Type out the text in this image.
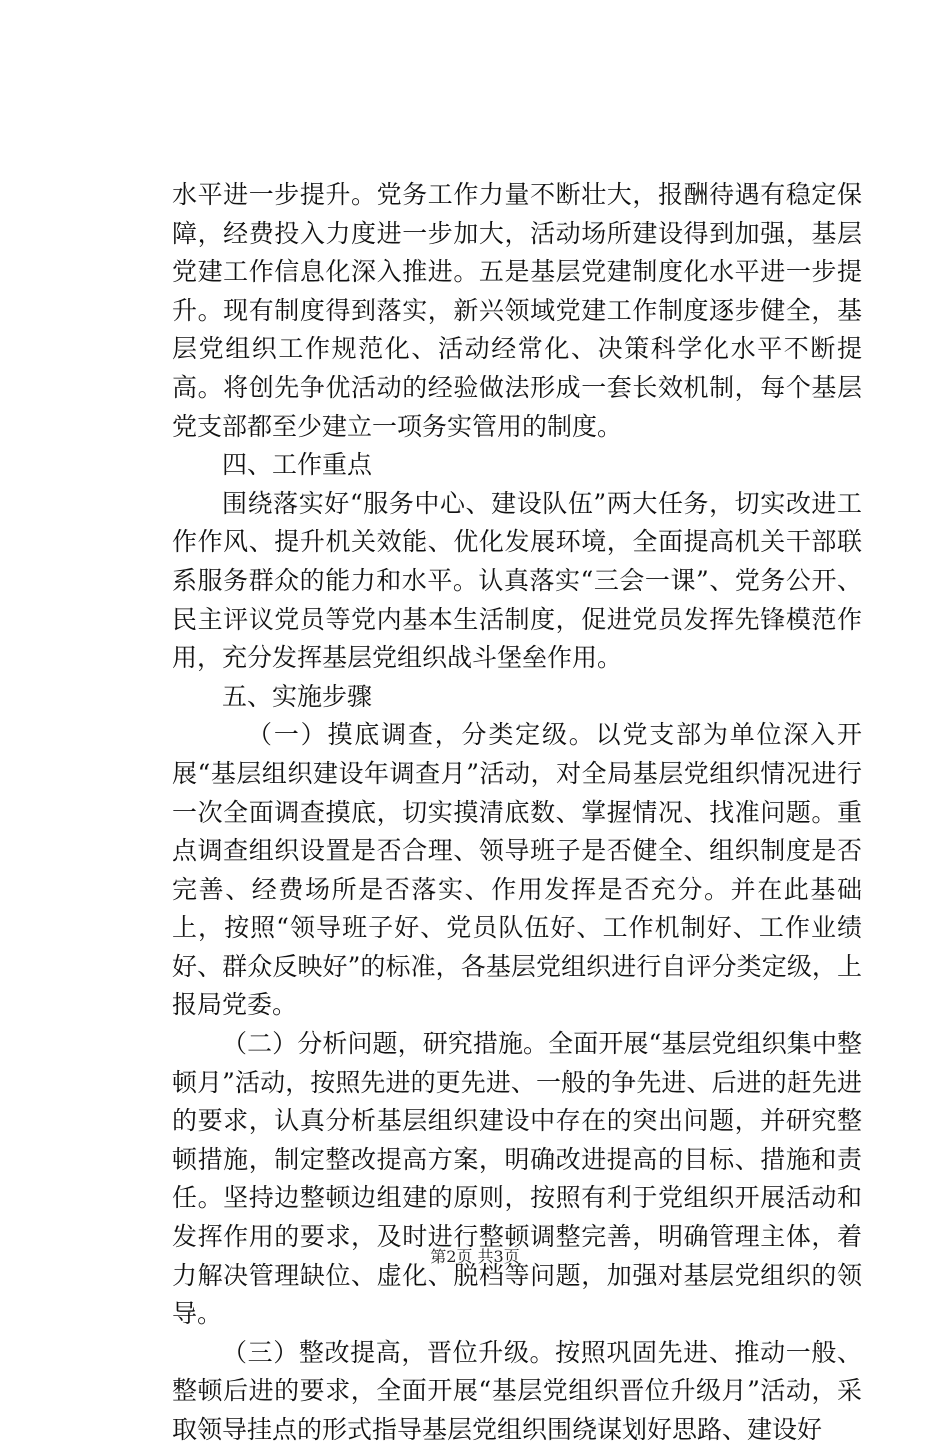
水平进一步提升。党务工作力量不断壮大，报酬待遇有稳定保障，经费投入力度进一步加大，活动场所建设得到加强，基层党建工作信息化深入推进。五是基层党建制度化水平进一步提升。现有制度得到落实，新兴领域党建工作制度逐步健全，基层党组织工作规范化、活动经常化、决策科学化水平不断提高。将创先争优活动的经验做法形成一套长效机制，每个基层党支部都至少建立一项务实管用的制度。

四、工作重点

围绕落实好“服务中心、建设队伍”两大任务，切实改进工作作风、提升机关效能、优化发展环境，全面提高机关干部联系服务群众的能力和水平。认真落实“三会一课”、党务公开、民主评议党员等党内基本生活制度，促进党员发挥先锋模范作用，充分发挥基层党组织战斗堡垒作用。

五、实施步骤

（一）摸底调查，分类定级。以党支部为单位深入开展“基层组织建设年调查月”活动，对全局基层党组织情况进行一次全面调查摸底，切实摸清底数、掌握情况、找准问题。重点调查组织设置是否合理、领导班子是否健全、组织制度是否完善、经费场所是否落实、作用发挥是否充分。并在此基础上，按照“领导班子好、党员队伍好、工作机制好、工作业绩好、群众反映好”的标准，各基层党组织进行自评分类定级，上报局党委。

（二）分析问题，研究措施。全面开展“基层党组织集中整顿月”活动，按照先进的更先进、一般的争先进、后进的赶先进的要求，认真分析基层组织建设中存在的突出问题，并研究整顿措施，制定整改提高方案，明确改进提高的目标、措施和责任。坚持边整顿边组建的原则，按照有利于党组织开展活动和发挥作用的要求，及时进行整顿调整完善，明确管理主体，着力解决管理缺位、虚化、脱档等问题，加强对基层党组织的领导。

（三）整改提高，晋位升级。按照巩固先进、推动一般、整顿后进的要求，全面开展“基层党组织晋位升级月”活动，采取领导挂点的形式指导基层党组织围绕谋划好思路、建设好

第2页 共3页
